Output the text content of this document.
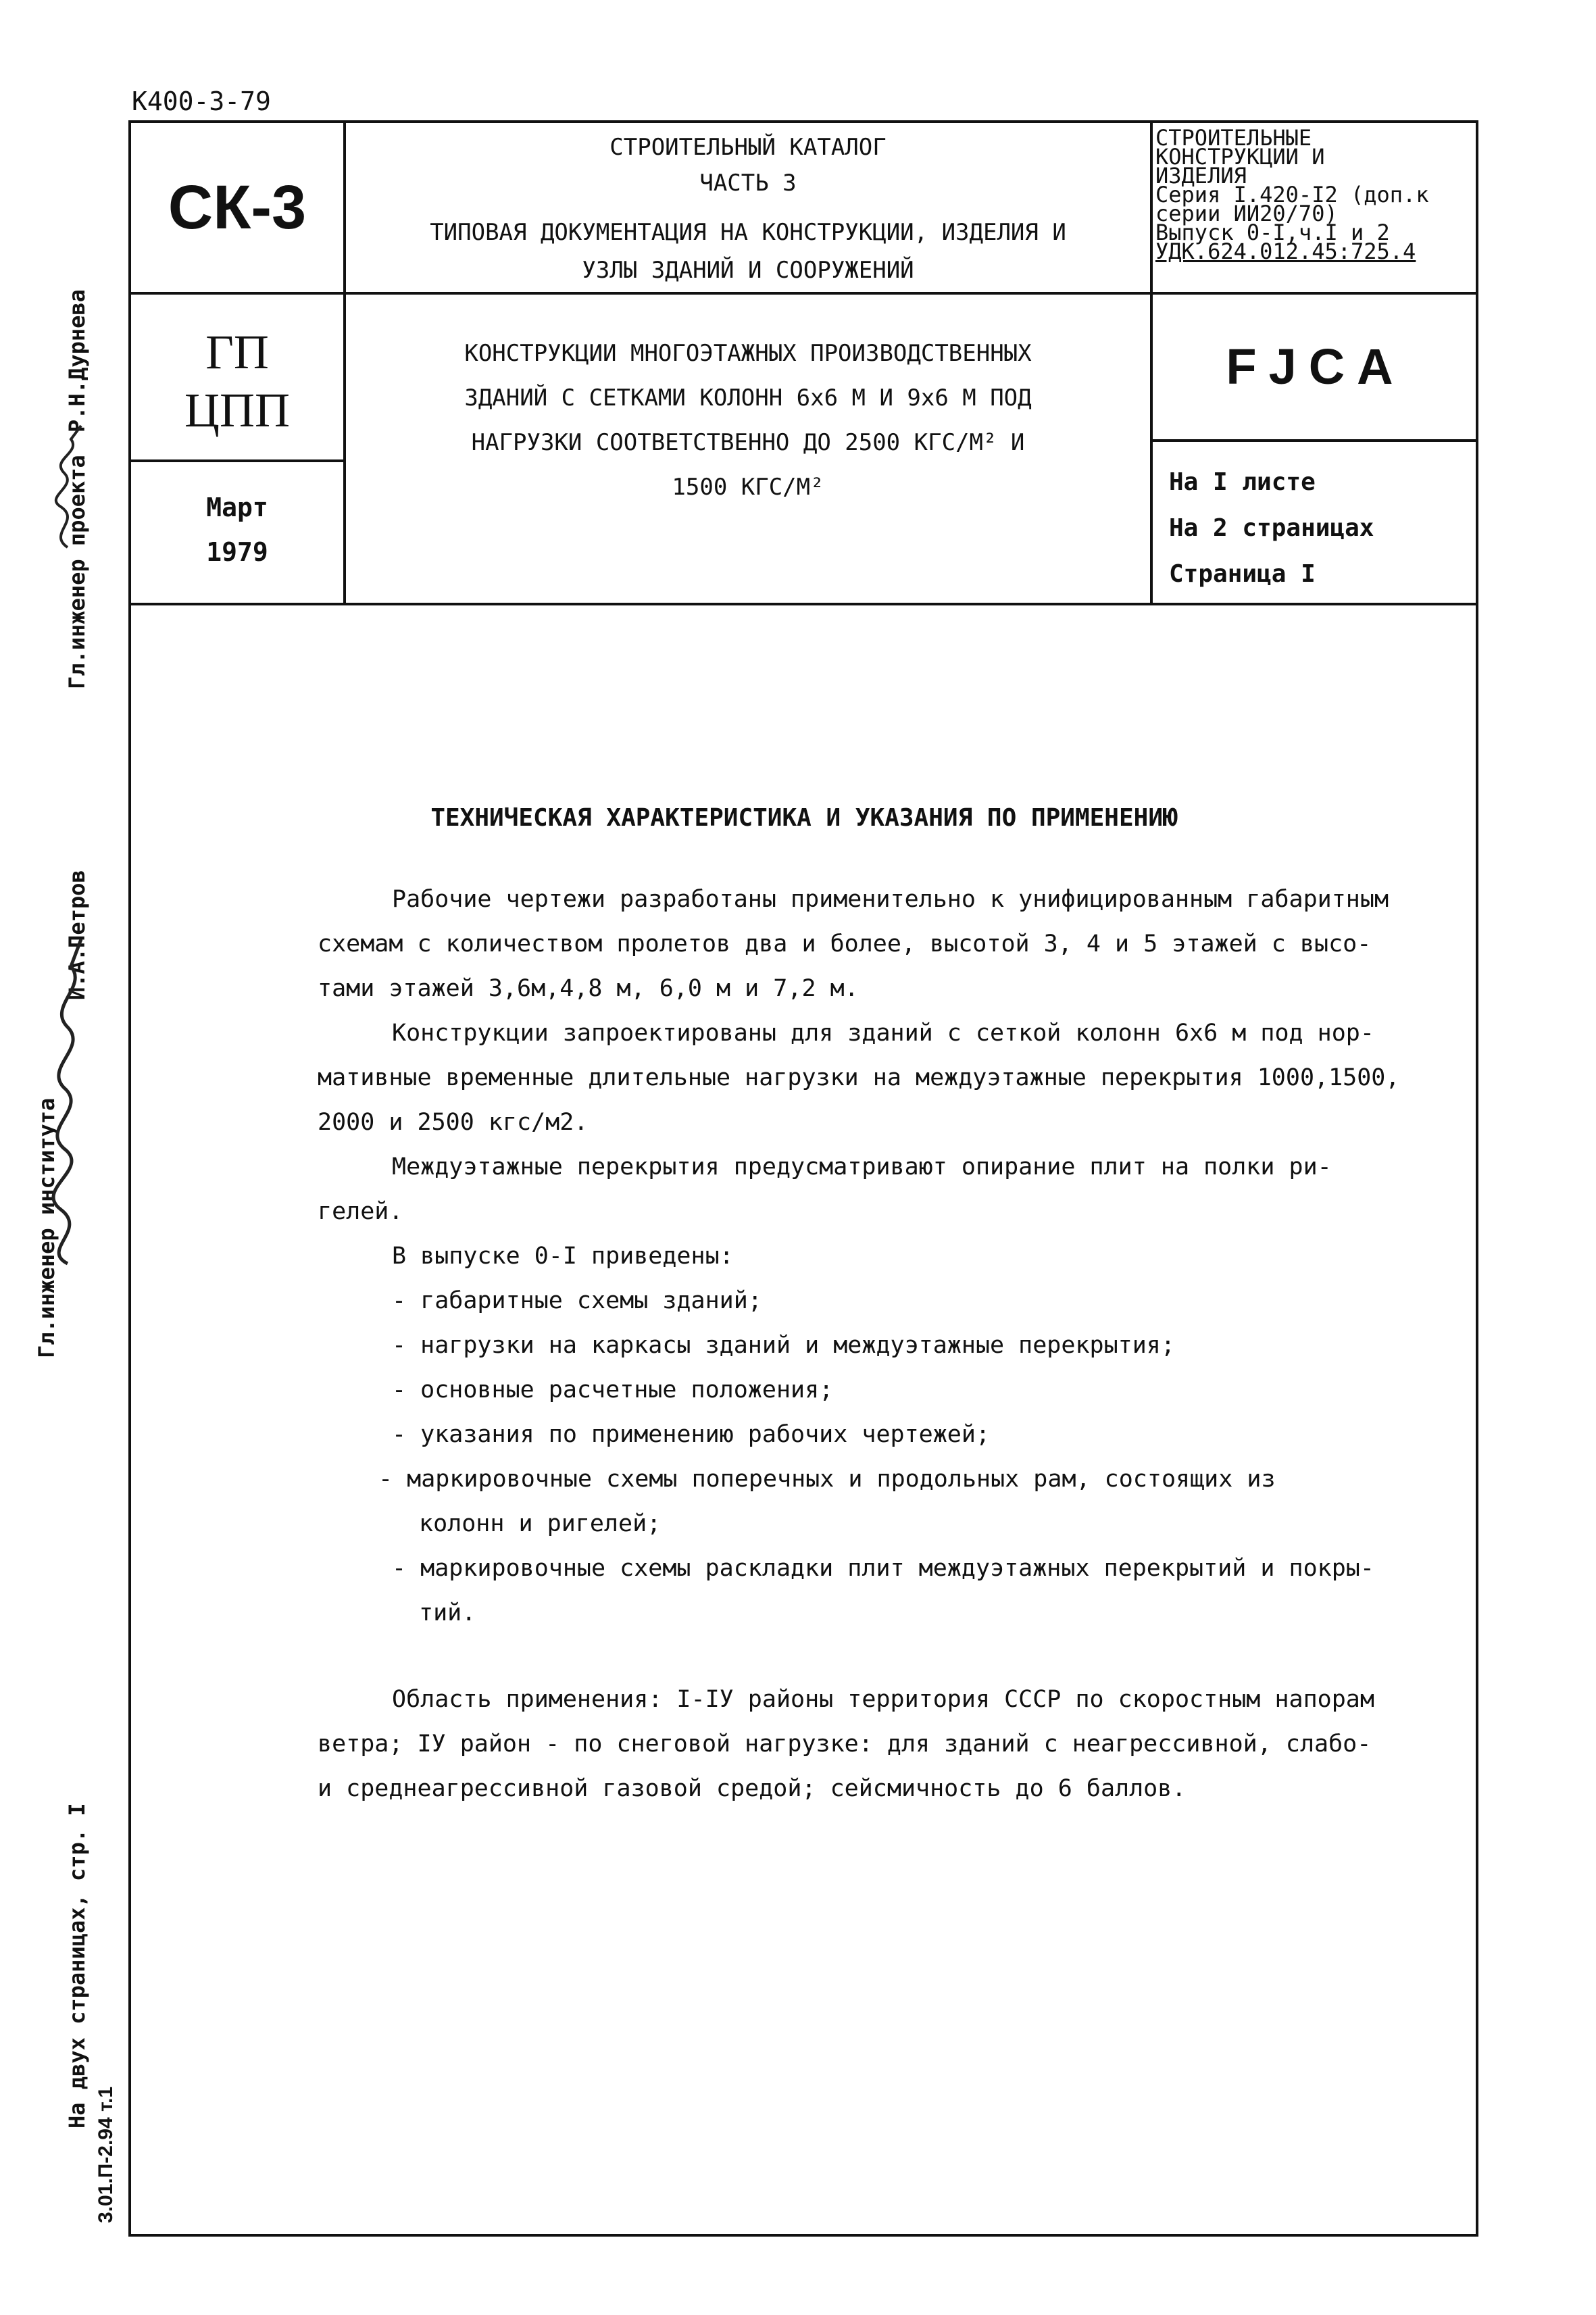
К400-3-79
СК-3
СТРОИТЕЛЬНЫЙ КАТАЛОГ
ЧАСТЬ 3
ТИПОВАЯ ДОКУМЕНТАЦИЯ НА КОНСТРУКЦИИ, ИЗДЕЛИЯ И
УЗЛЫ ЗДАНИЙ И СООРУЖЕНИЙ
СТРОИТЕЛЬНЫЕ
КОНСТРУКЦИИ И
ИЗДЕЛИЯ
Серия I.420-I2 (доп.к
серии ИИ20/70)
Выпуск 0-I,ч.I и 2
УДК.624.012.45:725.4
ГП
ЦПП
Март
1979
КОНСТРУКЦИИ МНОГОЭТАЖНЫХ ПРОИЗВОДСТВЕННЫХ
ЗДАНИЙ С СЕТКАМИ КОЛОНН 6х6 М И 9х6 М ПОД
НАГРУЗКИ СООТВЕТСТВЕННО ДО 2500 КГС/М² И
1500 КГС/М²
FJCA
На I листе
На 2 страницах
Страница I
Гл.инженер проекта
Р.Н.Дурнева
Гл.инженер института
И.А.Петров
На двух страницах, стр. I
3.01.П-2.94 т.1
ТЕХНИЧЕСКАЯ ХАРАКТЕРИСТИКА И УКАЗАНИЯ ПО ПРИМЕНЕНИЮ
Рабочие чертежи разработаны применительно к унифицированным габаритным
схемам с количеством пролетов два и более, высотой 3, 4 и 5 этажей с высо-
тами этажей 3,6м,4,8 м, 6,0 м и 7,2 м.
Конструкции запроектированы для зданий с сеткой колонн 6х6 м под нор-
мативные временные длительные нагрузки на междуэтажные перекрытия 1000,1500,
2000 и 2500 кгс/м2.
Междуэтажные перекрытия предусматривают опирание плит на полки ри-
гелей.
В выпуске 0-I приведены:
- габаритные схемы зданий;
- нагрузки на каркасы зданий и междуэтажные перекрытия;
- основные расчетные положения;
- указания по применению рабочих чертежей;
- маркировочные схемы поперечных и продольных рам, состоящих из
колонн и ригелей;
- маркировочные схемы раскладки плит междуэтажных перекрытий и покры-
тий.
Область применения: I-IУ районы территория СССР по скоростным напорам
ветра; IУ район - по снеговой нагрузке: для зданий с неагрессивной, слабо-
и среднеагрессивной газовой средой; сейсмичность до 6 баллов.
